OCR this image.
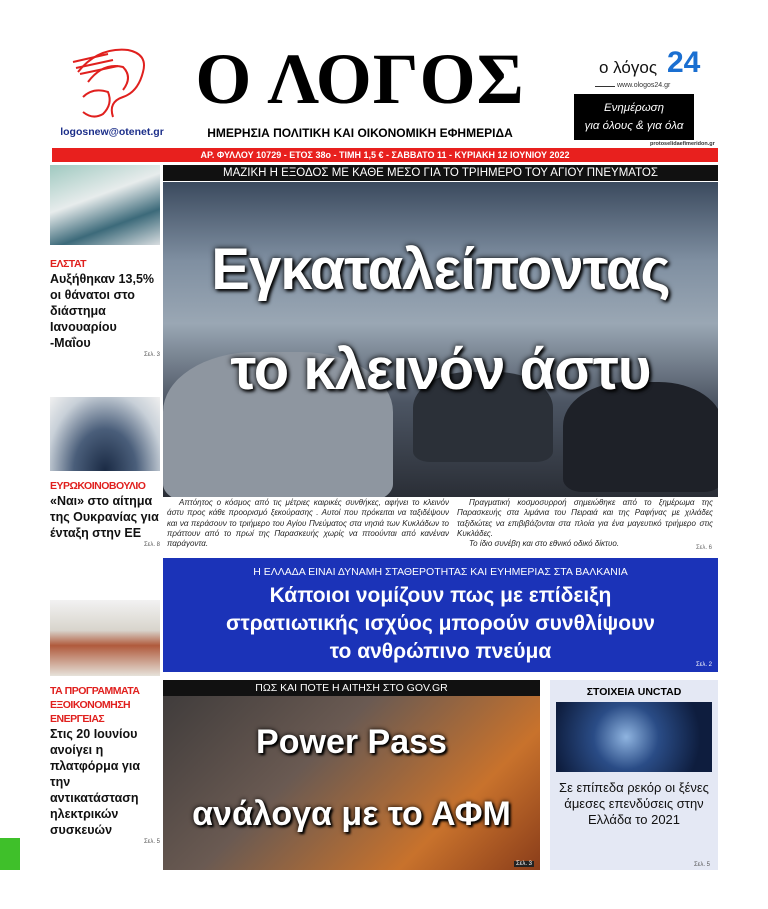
logosnew@otenet.gr
Ο ΛΟΓΟΣ
ΗΜΕΡΗΣΙΑ ΠΟΛΙΤΙΚΗ ΚΑΙ ΟΙΚΟΝΟΜΙΚΗ ΕΦΗΜΕΡΙΔΑ
ο λόγος 24
www.ologos24.gr
Ενημέρωση
για όλους & για όλα
protoselidaefimeridon.gr
ΑΡ. ΦΥΛΛΟΥ 10729 - ΕΤΟΣ 38ο - ΤΙΜΗ 1,5 € - ΣΑΒΒΑΤΟ 11 - ΚΥΡΙΑΚΗ 12 ΙΟΥΝΙΟΥ 2022
ΕΛΣΤΑΤ
Αυξήθηκαν 13,5% οι θάνατοι στο διάστημα Ιανουαρίου -Μαΐου
Σελ. 3
ΕΥΡΩΚΟΙΝΟΒΟΥΛΙΟ
«Ναι» στο αίτημα της Ουκρανίας για ένταξη στην ΕΕ
Σελ. 8
ΤΑ ΠΡΟΓΡΑΜΜΑΤΑ ΕΞΟΙΚΟΝΟΜΗΣΗ ΕΝΕΡΓΕΙΑΣ
Στις 20 Ιουνίου ανοίγει η πλατφόρμα για την αντικατάσταση ηλεκτρικών συσκευών
Σελ. 5
ΜΑΖΙΚΗ Η ΕΞΟΔΟΣ ΜΕ ΚΑΘΕ ΜΕΣΟ ΓΙΑ ΤΟ ΤΡΙΗΜΕΡΟ ΤΟΥ ΑΓΙΟΥ ΠΝΕΥΜΑΤΟΣ
Εγκαταλείποντας
το κλεινόν άστυ
Απτόητος ο κόσμος από τις μέτριες καιρικές συνθήκες, αφήνει το κλεινόν άστυ προς κάθε προορισμό ξεκούρασης . Αυτοί που πρόκειται να ταξιδέψουν και να περάσουν το τριήμερο του Αγίου Πνεύματος στα νησιά των Κυκλάδων το πράττουν από το πρωί της Παρασκευής χωρίς να πτοούνται από κανέναν παράγοντα.
Πραγματική κοσμοσυρροή σημειώθηκε από το ξημέρωμα της Παρασκευής στα λιμάνια του Πειραιά και της Ραφήνας με χιλιάδες ταξιδιώτες να επιβιβάζονται στα πλοία για ένα μαγευτικό τριήμερο στις Κυκλάδες.
Το ίδιο συνέβη και στο εθνικό οδικό δίκτυο.	Σελ. 6
Η ΕΛΛΑΔΑ ΕΙΝΑΙ ΔΥΝΑΜΗ ΣΤΑΘΕΡΟΤΗΤΑΣ ΚΑΙ ΕΥΗΜΕΡΙΑΣ ΣΤΑ ΒΑΛΚΑΝΙΑ
Κάποιοι νομίζουν πως με επίδειξη
στρατιωτικής ισχύος μπορούν συνθλίψουν
το ανθρώπινο πνεύμα
Σελ. 2
ΠΩΣ ΚΑΙ ΠΟΤΕ Η ΑΙΤΗΣΗ ΣΤΟ GOV.GR
Power Pass
ανάλογα με το ΑΦΜ
Σελ. 3
ΣΤΟΙΧΕΙΑ UNCTAD
Σε επίπεδα ρεκόρ οι ξένες άμεσες επενδύσεις στην Ελλάδα το 2021
Σελ. 5
